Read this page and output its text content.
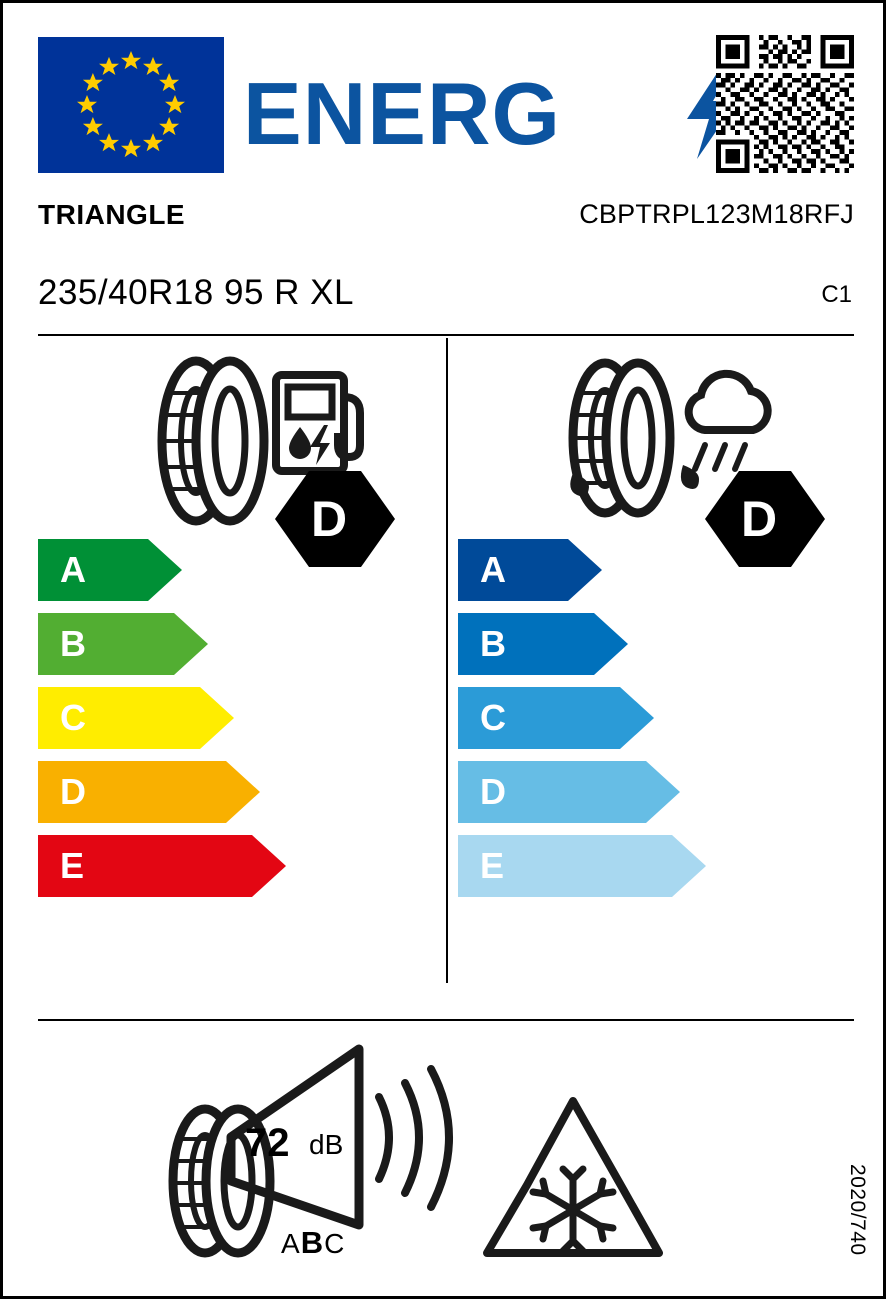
ENERG
TRIANGLE	CBPTRPL123M18RFJ
235/40R18 95 R XL	C1
A
B
C
D
E
D
A
B
C
D
E
D
72 dB
ABC	2020/740
